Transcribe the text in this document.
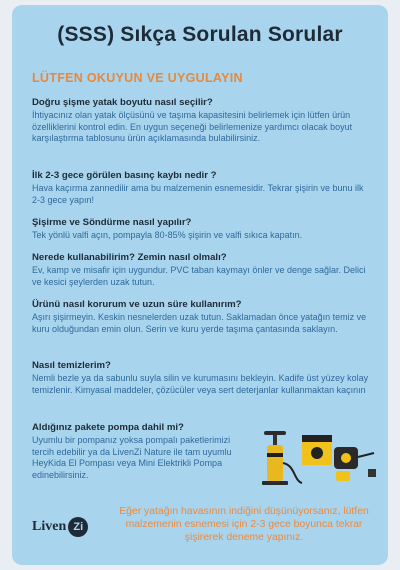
(SSS) Sıkça Sorulan Sorular
LÜTFEN OKUYUN VE UYGULAYIN

Doğru şişme yatak boyutu nasıl seçilir?

İhtiyacınız olan yatak ölçüsünü ve taşıma kapasitesini belirlemek için lütfen ürün özelliklerini kontrol edin. En uygun seçeneği belirlemenize yardımcı olacak boyut karşılaştırma tablosunu ürün açıklamasında bulabilirsiniz.

İlk 2-3 gece görülen basınç kaybı nedir ?

Hava kaçırma zannedilir ama bu malzemenin esnemesidir. Tekrar şişirin ve bunu ilk 2-3 gece yapın!

Şişirme ve Söndürme nasıl yapılır?

Tek yönlü valfi açın, pompayla 80-85% şişirin ve valfi sıkıca kapatın.

Nerede kullanabilirim? Zemin nasıl olmalı?

Ev, kamp ve misafir için uygundur. PVC taban kaymayı önler ve denge sağlar. Delici ve kesici şeylerden uzak tutun.

Ürünü nasıl korurum ve uzun süre kullanırım?

Aşırı şişirmeyin. Keskin nesnelerden uzak tutun. Saklamadan önce yatağın temiz ve kuru olduğundan emin olun. Serin ve kuru yerde taşıma çantasında saklayın.

Nasıl temizlerim?

Nemli bezle ya da sabunlu suyla silin ve kurumasını bekleyin. Kadife üst yüzey kolay temizlenir. Kimyasal maddeler, çözücüler veya sert deterjanlar kullanmaktan kaçının

Aldığınız pakete pompa dahil mi?

Uyumlu bir pompanız yoksa pompalı paketlerimizi tercih edebilir ya da LivenZi Nature ile tam uyumlu HeyKida El Pompası veya Mini Elektrikli Pompa edinebilirsiniz.

Liven Zi
Eğer yatağın havasının indiğini düşünüyorsanız, lütfen malzemenin esnemesi için 2-3 gece boyunca tekrar şişirerek deneme yapınız.
